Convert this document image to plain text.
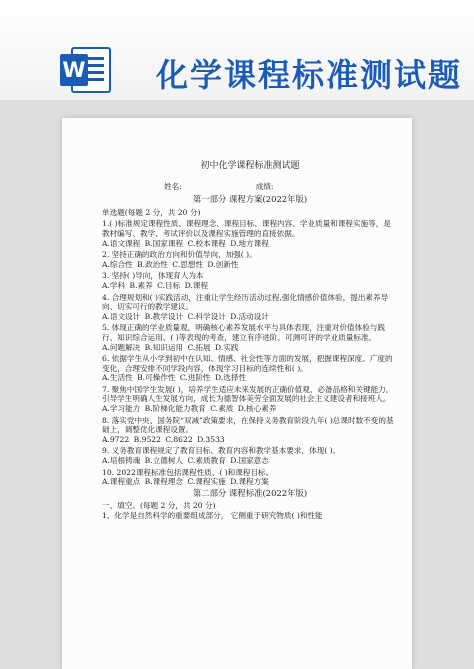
W 化学课程标准测试题
初中化学课程标准测试题
姓名:	成绩:
第一部分 课程方案(2022年版)
单选题(每题 2 分，共 20 分)
1.( )标准规定课程性质、课程理念、课程目标、课程内容、学业质量和课程实施等，是教材编写、教学、考试评价以及课程实施管理的直接依据。
A.语文课程 B.国家课程 C.校本课程 D.地方课程
2. 坚持正确的政治方向和价值导向，加强( )。
A.综合性 B.政治性 C.思想性 D.创新性
3. 坚持( )导向，体现育人为本
A.学科 B.素养 C.目标 D.课程
4. 合理规划和( )实践活动，注重让学生经历活动过程,强化情感价值体验，提出素养导向、切实可行的教学建议。
A.语文设计 B.教学设计 C.科学设计 D.活动设计
5. 体现正确的学业质量观，明确核心素养发展水平与具体表现，注重对价值体验与践行、知识综合运用、( )等表现的考查，建立有序进阶、可测可评的学业质量标准。
A.问题解决 B.知识运用 C.拓展 D.实践
6. 依据学生从小学到初中在认知、情感、社会性等方面的发展，把握课程深度、广度的变化，合理安排不同学段内容，体现学习目标的连续性和( )。
A.生活性 B.可操作性 C.进阶性 D.选择性
7. 聚焦中国学生发展( )，培养学生适应未来发展的正确价值观、必备品格和关键能力，引导学生明确人生发展方向，成长为德智体美劳全面发展的社会主义建设者和接班人。
A.学习能力 B.阶梯化能力教育 C.素质 D.核心素养
8. 落实党中央、国务院“双减”政策要求，在保持义务教育阶段九年( )总课时数不变的基础上，调整优化课程设置。
A.9722 B.9522 C.8622 D.3533
9. 义务教育课程规定了教育目标、教育内容和教学基本要求，体现( )。
A.培根铸魂 B.立德树人 C.素质教育 D.国家意志
10. 2022课程标准包括课程性质、( )和课程目标。
A.课程重点 B.课程理念 C.课程实施 D.课程方案
第二部分 课程标准(2022年版)
一、填空。(每题 2 分，共 20 分)
1、化学是自然科学的重要组成部分， 它侧重于研究物质( )和性能
